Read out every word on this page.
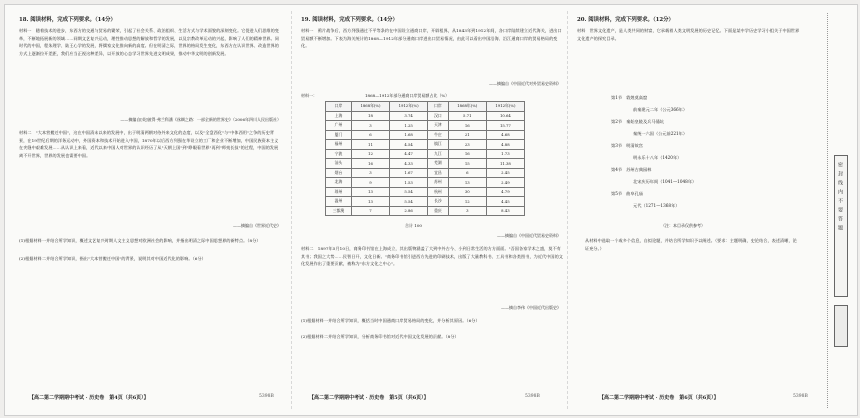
18. 阅读材料，完成下列要求。（14分）
材料一　随着技术的进步，东西方的交通与贸易的繁荣，引起了社会关系、政治组织、生活方式与学术面貌的深刻变化。它促进人们思维的变革，不断地拓展新的领域……同期文艺复兴运动，理性推动思想的解放和哲学的发展，以及宗教改革运动的兴起，影响了人们的精神世界。同时代的中国，程朱理学、陆王心学的发展，将儒家文化推向新的高度。但在明清之际，世界的格局发生变化，东西方在认识世界、改造世界的方式上逐渐拉开差距，我们应当正视这种差异，以开放的心态学习世界先进文明成果，推动中华文明的创新发展。
——摘编自[英]彼得·弗兰科潘《丝绸之路：一部全新的世界史》（2006年四川人民出版社）
材料二　"大本营搬迁中国"，这在中国清末以来的发展中，出于明清两朝对待外来文化的态度，以及"全盘西化"与"中体西用"之争的历史背景，在19世纪后期的洋务运动中，外国资本和技术开始进入中国，1870年以后西方列强在华设立的工厂和企业不断增加，中国民族资本主义在夹缝中艰难发展……从认识上来看，近代以来中国人对世界的认识经历了从"天朝上国"到"睁眼看世界"再到"师夷长技"的过程，中国的发展离不开世界，世界的发展也需要中国。
——摘编自《世界近代史》
(1)根据材料一并结合所学知识，概述文艺复兴时期人文主义思想对欧洲社会的影响，并指出明清之际中国思想界的新特点。（8分）
(2)根据材料二并结合所学知识，指出"大本营搬迁中国"的背景，说明其对中国近代化的影响。（6分）
【高二第二学期期中考试 · 历史卷　第4页（共6页）】	5398B
19. 阅读材料，完成下列要求。（14分）
材料一　鸦片战争后，西方列强通过不平等条约在中国设立通商口岸，开辟租界，从1843年到1912年间，各口岸陆续建立近代海关，进出口贸易额不断增加。下表为海关统计的1868—1912年部分通商口岸进出口贸易情况，由此可以看出中国沿海、沿江通商口岸的贸易格局的变化。
——摘编自《中国近代对外贸易史资料》
材料一：	1868—1912年部分通商口岸贸易额占比（%）
口岸	1868年(%)	1912年(%)	口岸	1868年(%)	1912年(%)
上海	18	3.74	汉口	5.71	10.64
广州	3	1.25	天津	16	15.77
厦门	6	1.68	牛庄	21	4.68
福州	11	4.54	镇江	23	4.88
宁波	12	4.47	九江	16	1.73
汕头	16	4.33	芜湖	15	11.38
烟台	3	1.67	宜昌	6	2.45
北海	9	1.53	苏州	13	2.49
琼州	13	5.54	杭州	30	4.79
温州	13	5.54	长沙	12	4.45
三都澳	7	2.86	重庆	3	8.43
合计 100
——摘编自《中国近代贸易史资料》
材料二　1897年5月10日，商务印书馆在上海成立，其出版物涵盖了大到中外古今、小到日常生活的方方面面。"吾国各家学术之盛，莫不有其书；我国之大势……民智日开，文化日新。"商务印书馆引进西方先进的印刷技术，出版了大量教科书、工具书和各类图书，为近代中国的文化发展作出了重要贡献，被称为"东方文化之中心"。
——摘自李伟《中国近代出版史》
(1)根据材料一并结合所学知识，概括当时中国通商口岸贸易格局的变化，并分析其原因。（6分）
(2)根据材料二并结合所学知识，分析商务印书馆对近代中国文化发展的贡献。（8分）
【高二第二学期期中考试 · 历史卷　第5页（共6页）】	5398B
20. 阅读材料，完成下列要求。（12分）
材料　世界文化遗产，是人类共同的财富，它承载着人类文明发展的历史记忆。下面是某中学历史学习小组关于中国世界文化遗产的探究目录。
第1节　敦煌莫高窟
前秦建元二年（公元366年）
第2节　秦始皇陵及兵马俑坑
秦统一六国（公元前221年）
第3节　明清故宫
明永乐十八年（1420年）
第4节　苏州古典园林
北宋庆历年间（1041—1048年）
第5节　曲阜孔庙
元代（1271—1368年）
（注：本目录仅供参考）
从材料中选取一个或多个信息，自拟论题，并结合所学知识予以阐述。（要求：主题明确，史论结合，表述清晰，论证充分。）
【高二第二学期期中考试 · 历史卷　第6页（共6页）】	5398B
密封线内不要答题
